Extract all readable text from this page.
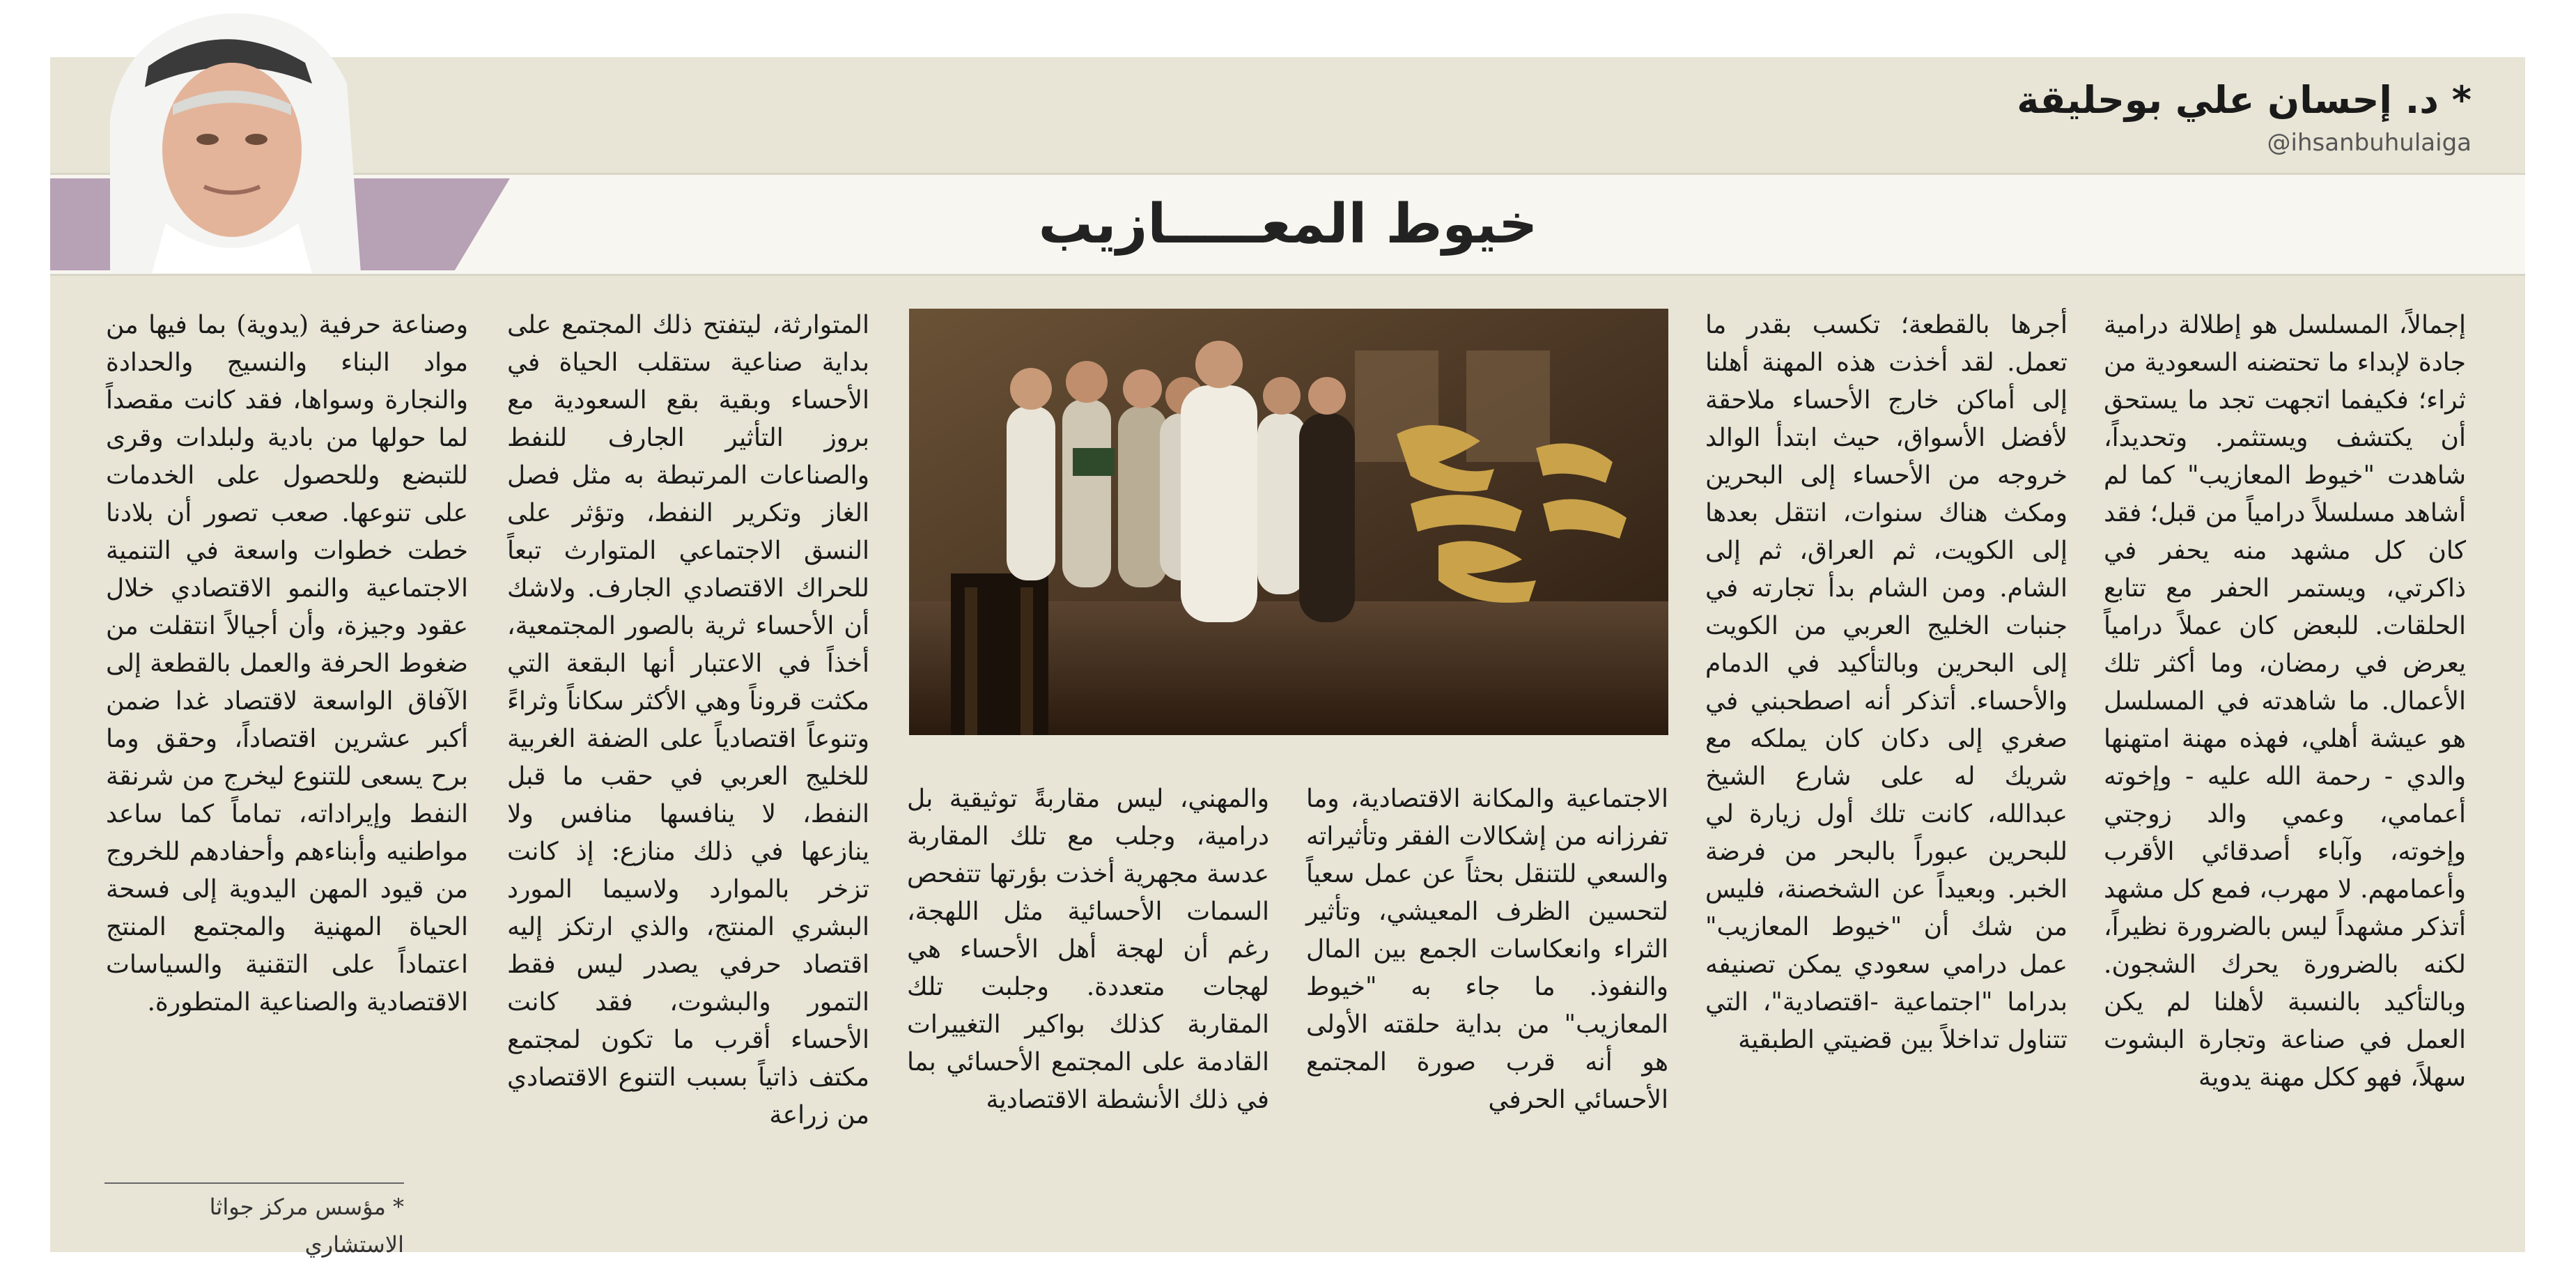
خيوط المعـــــازيب
* د. إحسان علي بوحليقة
@ihsanbuhulaiga
إجمالاً، المسلسل هو إطلالة درامية جادة لإبداء ما تحتضنه السعودية من ثراء؛ فكيفما اتجهت تجد ما يستحق أن يكتشف ويستثمر. وتحديداً، شاهدت "خيوط المعازيب" كما لم أشاهد مسلسلاً درامياً من قبل؛ فقد كان كل مشهد منه يحفر في ذاكرتي، ويستمر الحفر مع تتابع الحلقات. للبعض كان عملاً درامياً يعرض في رمضان، وما أكثر تلك الأعمال. ما شاهدته في المسلسل هو عيشة أهلي، فهذه مهنة امتهنها والدي - رحمة الله عليه - وإخوته أعمامي، وعمي والد زوجتي وإخوته، وآباء أصدقائي الأقرب وأعمامهم. لا مهرب، فمع كل مشهد أتذكر مشهداً ليس بالضرورة نظيراً، لكنه بالضرورة يحرك الشجون. وبالتأكيد بالنسبة لأهلنا لم يكن العمل في صناعة وتجارة البشوت سهلاً، فهو ككل مهنة يدوية
أجرها بالقطعة؛ تكسب بقدر ما تعمل. لقد أخذت هذه المهنة أهلنا إلى أماكن خارج الأحساء ملاحقة لأفضل الأسواق، حيث ابتدأ الوالد خروجه من الأحساء إلى البحرين ومكث هناك سنوات، انتقل بعدها إلى الكويت، ثم العراق، ثم إلى الشام. ومن الشام بدأ تجارته في جنبات الخليج العربي من الكويت إلى البحرين وبالتأكيد في الدمام والأحساء. أتذكر أنه اصطحبني في صغري إلى دكان كان يملكه مع شريك له على شارع الشيخ عبدالله، كانت تلك أول زيارة لي للبحرين عبوراً بالبحر من فرضة الخبر. وبعيداً عن الشخصنة، فليس من شك أن "خيوط المعازيب" عمل درامي سعودي يمكن تصنيفه بدراما "اجتماعية -اقتصادية"، التي تتناول تداخلاً بين قضيتي الطبقية
الاجتماعية والمكانة الاقتصادية، وما تفرزانه من إشكالات الفقر وتأثيراته والسعي للتنقل بحثاً عن عمل سعياً لتحسين الظرف المعيشي، وتأثير الثراء وانعكاسات الجمع بين المال والنفوذ. ما جاء به "خيوط المعازيب" من بداية حلقته الأولى هو أنه قرب صورة المجتمع الأحسائي الحرفي
والمهني، ليس مقاربةً توثيقية بل درامية، وجلب مع تلك المقاربة عدسة مجهرية أخذت بؤرتها تتفحص السمات الأحسائية مثل اللهجة، رغم أن لهجة أهل الأحساء هي لهجات متعددة. وجلبت تلك المقاربة كذلك بواكير التغييرات القادمة على المجتمع الأحسائي بما في ذلك الأنشطة الاقتصادية
المتوارثة، ليتفتح ذلك المجتمع على بداية صناعية ستقلب الحياة في الأحساء وبقية بقع السعودية مع بروز التأثير الجارف للنفط والصناعات المرتبطة به مثل فصل الغاز وتكرير النفط، وتؤثر على النسق الاجتماعي المتوارث تبعاً للحراك الاقتصادي الجارف. ولاشك أن الأحساء ثرية بالصور المجتمعية، أخذاً في الاعتبار أنها البقعة التي مكثت قروناً وهي الأكثر سكاناً وثراءً وتنوعاً اقتصادياً على الضفة الغربية للخليج العربي في حقب ما قبل النفط، لا ينافسها منافس ولا ينازعها في ذلك منازع: إذ كانت تزخر بالموارد ولاسيما المورد البشري المنتج، والذي ارتكز إليه اقتصاد حرفي يصدر ليس فقط التمور والبشوت، فقد كانت الأحساء أقرب ما تكون لمجتمع مكتف ذاتياً بسبب التنوع الاقتصادي من زراعة
وصناعة حرفية (يدوية) بما فيها من مواد البناء والنسيج والحدادة والنجارة وسواها، فقد كانت مقصداً لما حولها من بادية ولبلدات وقرى للتبضع وللحصول على الخدمات على تنوعها. صعب تصور أن بلادنا خطت خطوات واسعة في التنمية الاجتماعية والنمو الاقتصادي خلال عقود وجيزة، وأن أجيالاً انتقلت من ضغوط الحرفة والعمل بالقطعة إلى الآفاق الواسعة لاقتصاد غدا ضمن أكبر عشرين اقتصاداً، وحقق وما برح يسعى للتنوع ليخرج من شرنقة النفط وإيراداته، تماماً كما ساعد مواطنيه وأبناءهم وأحفادهم للخروج من قيود المهن اليدوية إلى فسحة الحياة المهنية والمجتمع المنتج اعتماداً على التقنية والسياسات الاقتصادية والصناعية المتطورة.
* مؤسس مركز جواثا الاستشاري
